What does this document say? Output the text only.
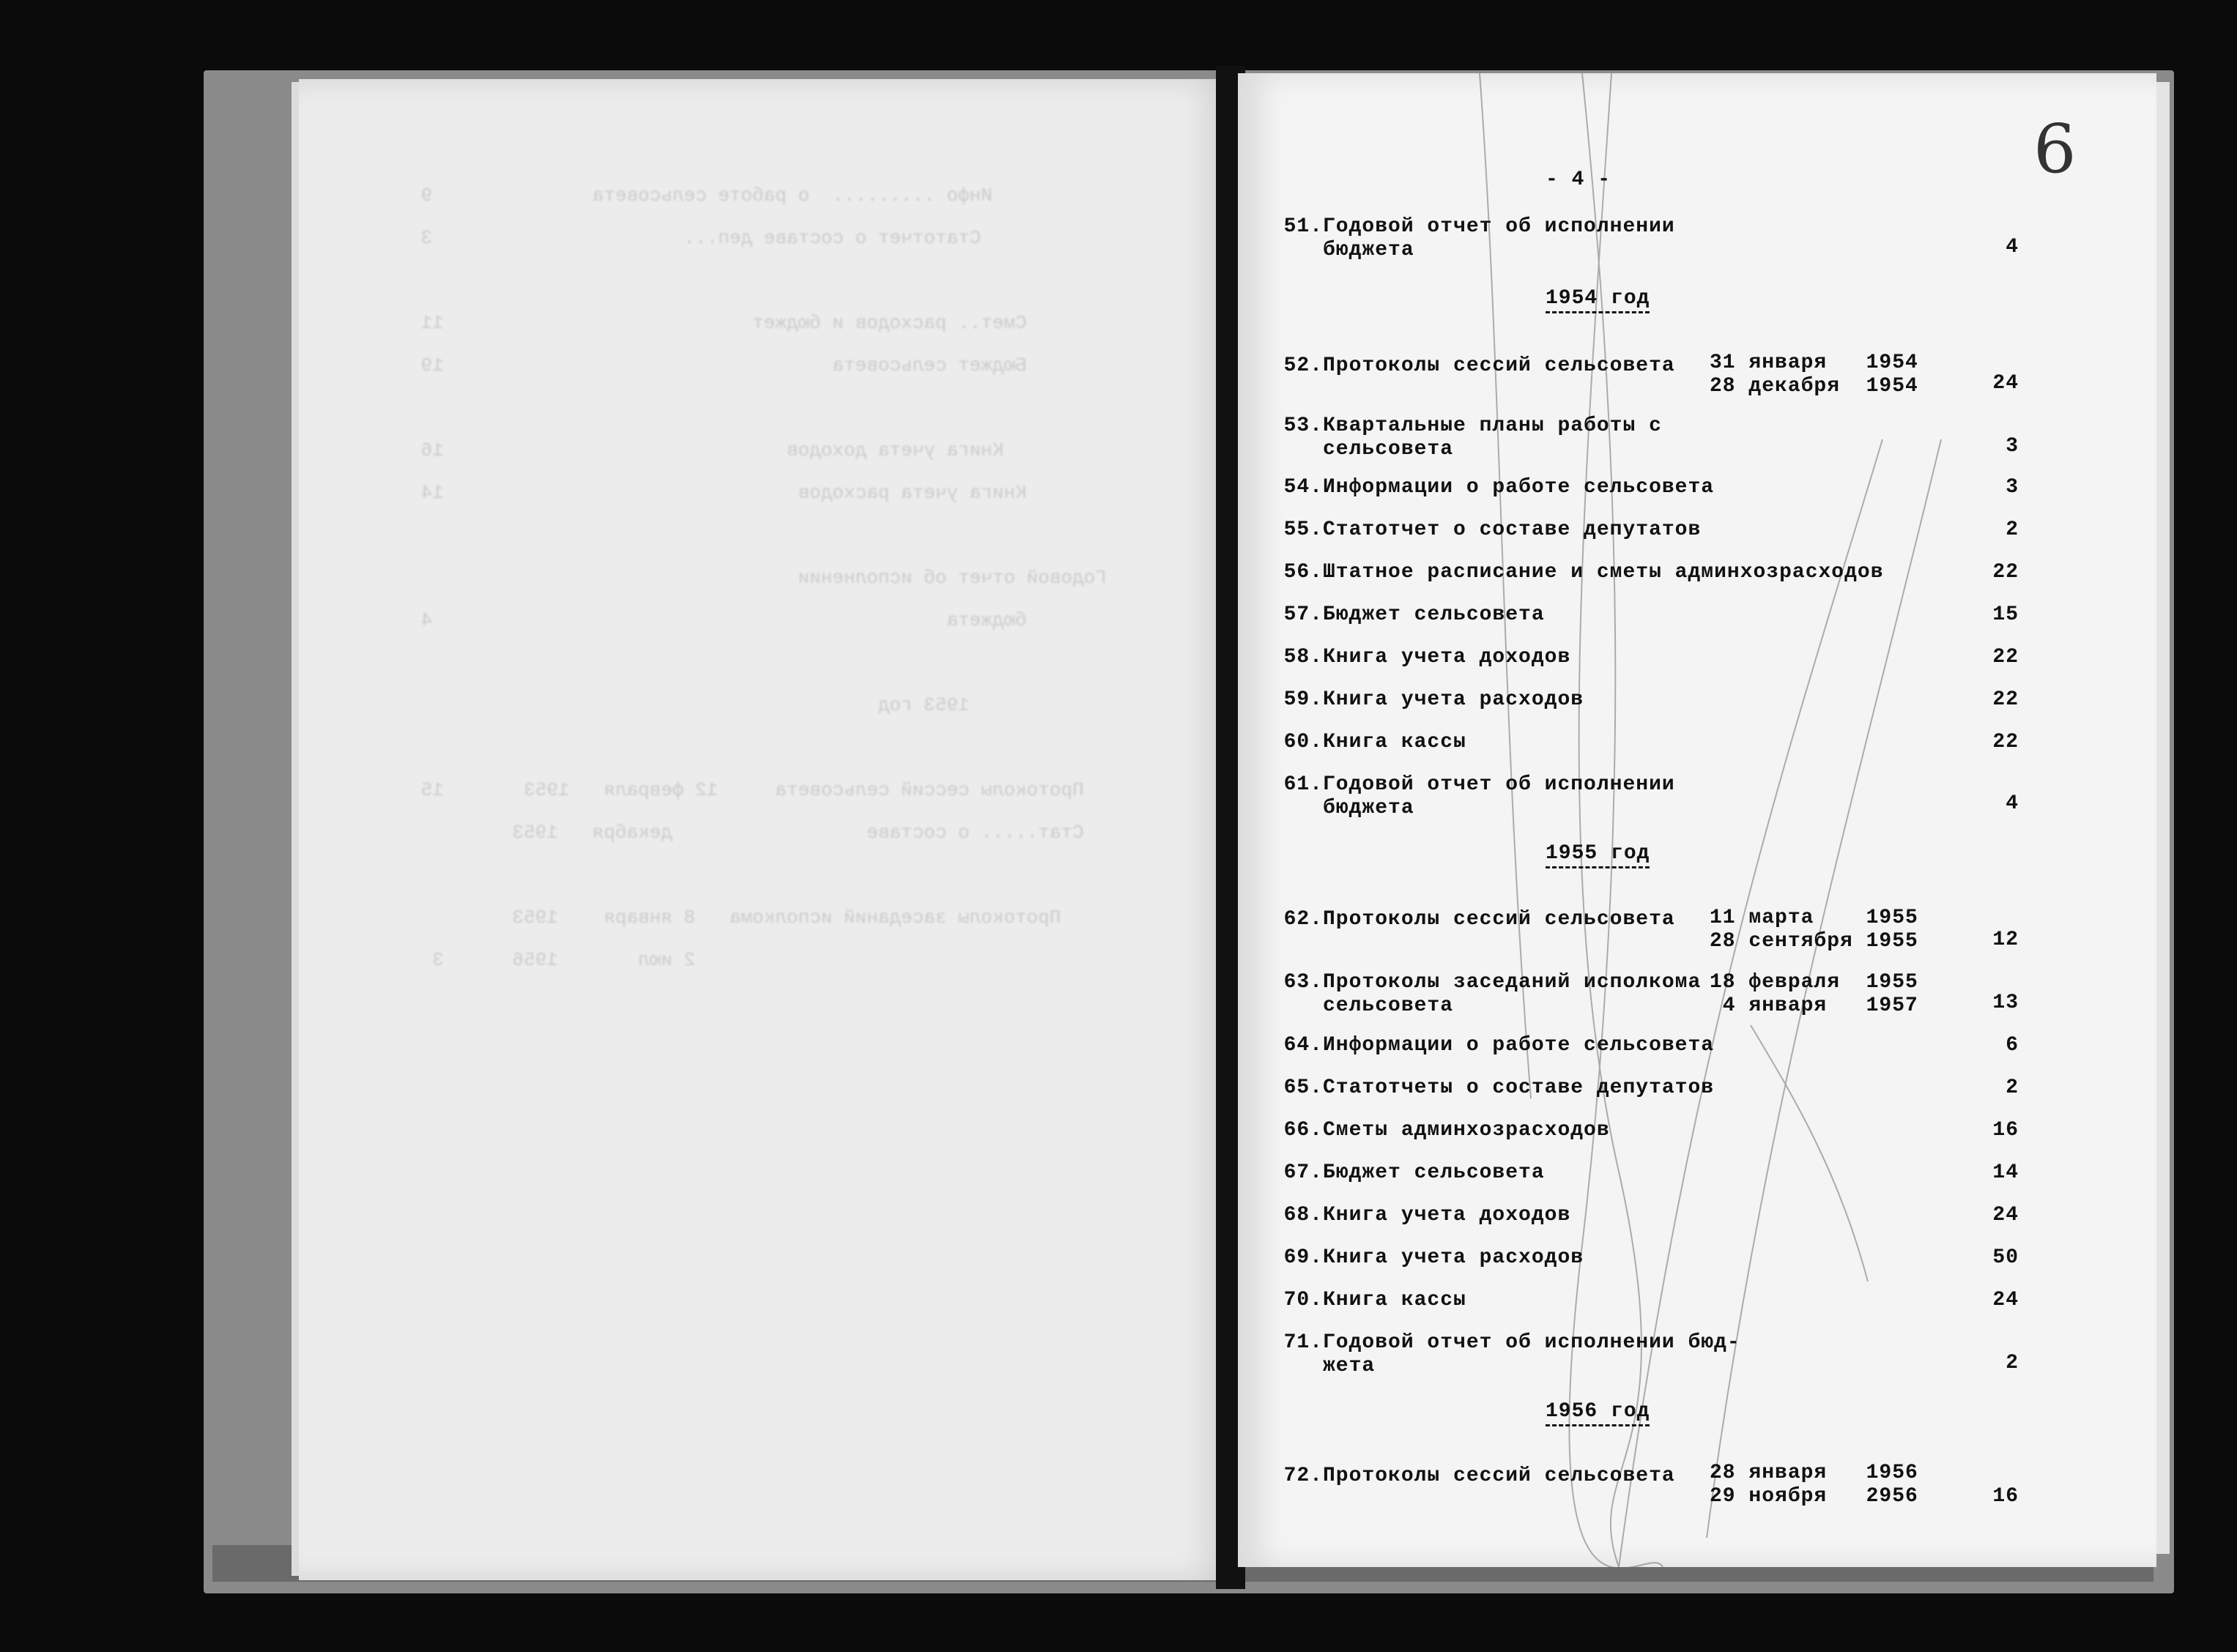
Инфо .........  о работе сельсовета              9
Статотчет о составе деп...                      3

Смет.. расходов и бюджет                           11
Бюджет сельсовета                                  19

Книга учета доходов                              16
Книга учета расходов                               14

Годовой отчет об исполнении
бюджета                                             4

1953 год

Протоколы сессий сельсовета     12 февраля   1953       15
Стат..... о составе                 декабря   1953

Протоколы заседаний исполкома   8 января    1953
2 июл       1956      3

- 4 -	6
51. Годовой отчет об исполнении
бюджета	4
1954 год
52. Протоколы сессий сельсовета 31 января   1954
28 декабря  1954	24
53. Квартальные планы работы с
сельсовета	3
54. Информации о работе сельсовета	3
55. Статотчет о составе депутатов	2
56. Штатное расписание и сметы админхозрасходов	22
57. Бюджет сельсовета	15
58. Книга учета доходов	22
59. Книга учета расходов	22
60. Книга кассы	22
61. Годовой отчет об исполнении
бюджета	4
1955 год
62. Протоколы сессий сельсовета 11 марта    1955
28 сентября 1955	12
63. Протоколы заседаний исполкома
сельсовета
18 февраля  1955
4 января   1957	13
64. Информации о работе сельсовета	6
65. Статотчеты о составе депутатов	2
66. Сметы админхозрасходов	16
67. Бюджет сельсовета	14
68. Книга учета доходов	24
69. Книга учета расходов	50
70. Книга кассы	24
71. Годовой отчет об исполнении бюд-
жета	2
1956 год
72. Протоколы сессий сельсовета 28 января   1956
29 ноября   2956	16
